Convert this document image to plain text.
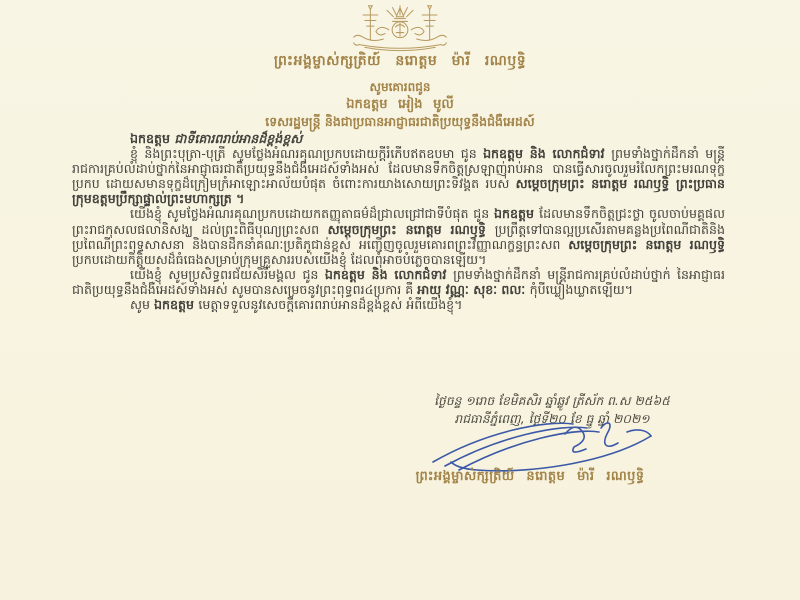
ព្រះអង្គម្ចាស់ក្សត្រិយ៍ នរោត្តម ម៉ារី រណឫទ្ធិ
សូមគោរពជូន
ឯកឧត្តម អៀង មូលី
ទេសរដ្ឋមន្ត្រី និងជាប្រធានអាជ្ញាធរជាតិប្រយុទ្ធនឹងជំងឺអេដស៍

ឯកឧត្តម ជាទីគោរពរាប់អានដ៏ខ្ពង់ខ្ពស់

ខ្ញុំ និងព្រះបុត្រា-បុត្រី សូមថ្លែងអំណរគុណប្រកបដោយក្តីរំភើបឥតឧបមា ជូន ឯកឧត្តម និង លោកជំទាវ ព្រមទាំងថ្នាក់ដឹកនាំ មន្ត្រីរាជការគ្រប់លំដាប់ថ្នាក់នៃអាជ្ញាធរជាតិប្រយុទ្ធនឹងជំងឺអេដស៍ទាំងអស់ ដែលមានទឹកចិត្តស្រឡាញ់រាប់អាន បានធ្វើសារចូលរួមរំលែកព្រះមរណទុក្ខប្រកប ដោយសមានទុក្ខដ៏ក្រៀមក្រំអាឡោះអាល័យបំផុត ចំពោះការយាងសោយព្រះទិវង្គត របស់ សម្តេចក្រុមព្រះ នរោត្តម រណឫទ្ធិ ព្រះប្រធានក្រុមឧត្តមប្រឹក្សាផ្ទាល់ព្រះមហាក្សត្រ ។

យើងខ្ញុំ សូមថ្លែងអំណរគុណប្រកបដោយកតញ្ញុតាធម៌ដ៏ជ្រាលជ្រៅជាទីបំផុត ជូន ឯកឧត្តម ដែលមានទឹកចិត្តជ្រះថ្លា ចូលចាប់មគ្គផលព្រះរាជកុសលផលានិសង្ឃ ដល់ព្រះពិធីបុណ្យព្រះសព សម្តេចក្រុមព្រះ នរោត្តម រណឫទ្ធិ ប្រព្រឹត្តទៅបានល្អប្រសើរតាមគន្លងប្រពៃណីជាតិនិងប្រពៃណីព្រះពុទ្ធសាសនា និងបានដឹកនាំគណៈប្រតិភូជាន់ខ្ពស់ អញ្ជើញចូលរួមគោរពព្រះវិញ្ញាណក្ខន្ធព្រះសព សម្តេចក្រុមព្រះ នរោត្តម រណឫទ្ធិ ប្រកបដោយកិត្តិយសដ៏ធំធេងសម្រាប់ក្រុមគ្រួសាររបស់យើងខ្ញុំ ដែលពុំអាចបំភ្លេចបានឡើយ។

យើងខ្ញុំ សូមប្រសិទ្ធពរជ័យសិរីមង្គល ជូន ឯកឧត្តម និង លោកជំទាវ ព្រមទាំងថ្នាក់ដឹកនាំ មន្ត្រីរាជការគ្រប់លំដាប់ថ្នាក់ នៃអាជ្ញាធរជាតិប្រយុទ្ធនឹងជំងឺអេដស៍ទាំងអស់ សូមបានសម្រេចនូវព្រះពុទ្ធពរ៤ប្រការ គឺ អាយុ វណ្ណៈ សុខៈ ពលៈ កុំបីឃ្លៀងឃ្លាតឡើយ។

សូម ឯកឧត្តម មេត្តាទទួលនូវសេចក្តីគោរពរាប់អានដ៏ខ្ពង់ខ្ពស់ អំពីយើងខ្ញុំ។

ថ្ងៃចន្ទ ១រោច ខែមិគសិរ ឆ្នាំឆ្លូវ ត្រីស័ក ព.ស ២៥៦៥
រាជធានីភ្នំពេញ, ថ្ងៃទី២០ ខែ ធ្នូ ឆ្នាំ ២០២១
ព្រះអង្គម្ចាស់ក្សត្រិយ៍ នរោត្តម ម៉ារី រណឫទ្ធិ
